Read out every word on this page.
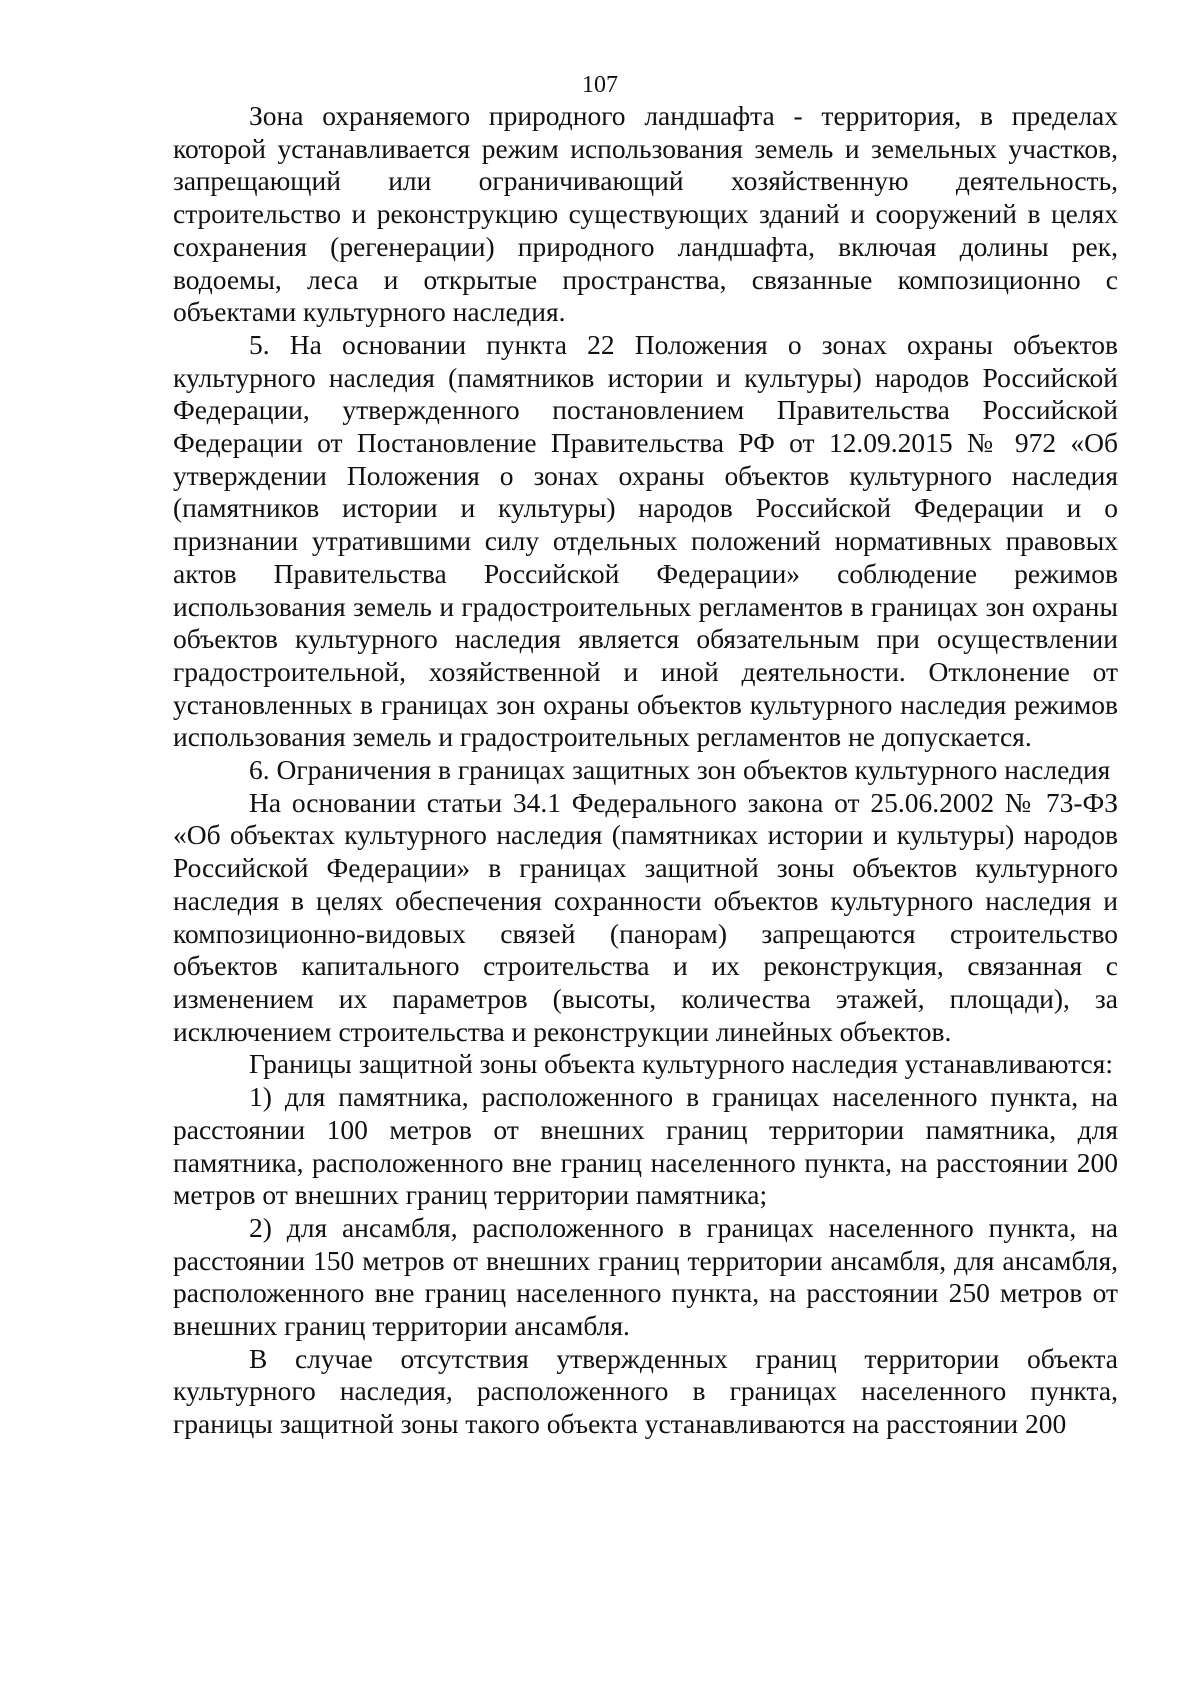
107

Зона охраняемого природного ландшафта - территория, в пределах которой устанавливается режим использования земель и земельных участков, запрещающий или ограничивающий хозяйственную деятельность, строительство и реконструкцию существующих зданий и сооружений в целях сохранения (регенерации) природного ландшафта, включая долины рек, водоемы, леса и открытые пространства, связанные композиционно с объектами культурного наследия.

5. На основании пункта 22 Положения о зонах охраны объектов культурного наследия (памятников истории и культуры) народов Российской Федерации, утвержденного постановлением Правительства Российской Федерации от Постановление Правительства РФ от 12.09.2015 № 972 «Об утверждении Положения о зонах охраны объектов культурного наследия (памятников истории и культуры) народов Российской Федерации и о признании утратившими силу отдельных положений нормативных правовых актов Правительства Российской Федерации» соблюдение режимов использования земель и градостроительных регламентов в границах зон охраны объектов культурного наследия является обязательным при осуществлении градостроительной, хозяйственной и иной деятельности. Отклонение от установленных в границах зон охраны объектов культурного наследия режимов использования земель и градостроительных регламентов не допускается.

6. Ограничения в границах защитных зон объектов культурного наследия

На основании статьи 34.1 Федерального закона от 25.06.2002 № 73-ФЗ «Об объектах культурного наследия (памятниках истории и культуры) народов Российской Федерации» в границах защитной зоны объектов культурного наследия в целях обеспечения сохранности объектов культурного наследия и композиционно-видовых связей (панорам) запрещаются строительство объектов капитального строительства и их реконструкция, связанная с изменением их параметров (высоты, количества этажей, площади), за исключением строительства и реконструкции линейных объектов.

Границы защитной зоны объекта культурного наследия устанавливаются:

1) для памятника, расположенного в границах населенного пункта, на расстоянии 100 метров от внешних границ территории памятника, для памятника, расположенного вне границ населенного пункта, на расстоянии 200 метров от внешних границ территории памятника;

2) для ансамбля, расположенного в границах населенного пункта, на расстоянии 150 метров от внешних границ территории ансамбля, для ансамбля, расположенного вне границ населенного пункта, на расстоянии 250 метров от внешних границ территории ансамбля.

В случае отсутствия утвержденных границ территории объекта культурного наследия, расположенного в границах населенного пункта, границы защитной зоны такого объекта устанавливаются на расстоянии 200
